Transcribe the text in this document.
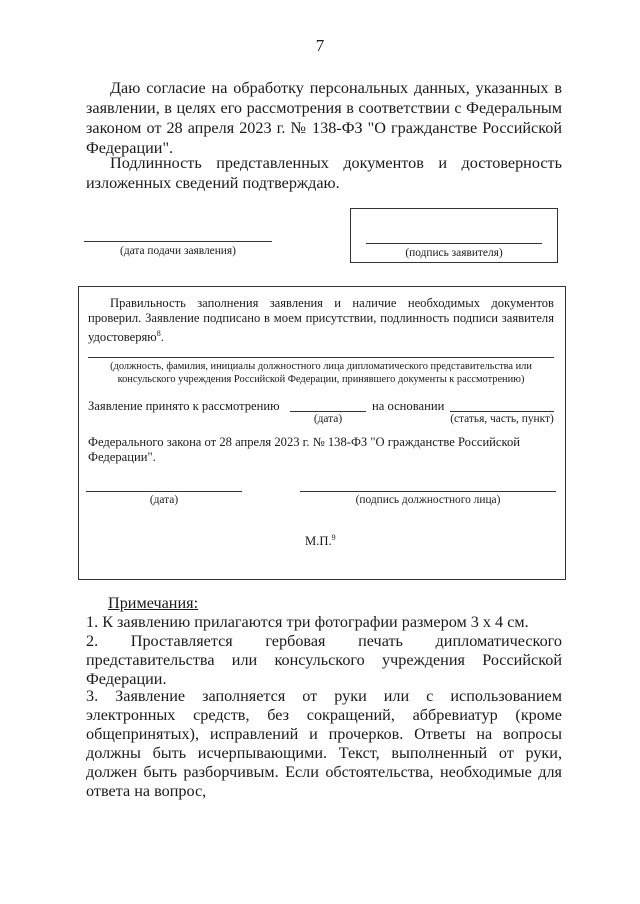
7

Даю согласие на обработку персональных данных, указанных в заявлении, в целях его рассмотрения в соответствии с Федеральным законом от 28 апреля 2023 г. № 138-ФЗ "О гражданстве Российской Федерации".

Подлинность представленных документов и достоверность изложенных сведений подтверждаю.

(дата подачи заявления)	(подпись заявителя)

Правильность заполнения заявления и наличие необходимых документов проверил. Заявление подписано в моем присутствии, подлинность подписи заявителя удостоверяю$^8$.

(должность, фамилия, инициалы должностного лица дипломатического представительства или консульского учреждения Российской Федерации, принявшего документы к рассмотрению)
Заявление принято к рассмотрению
(дата)
на основании
(статья, часть, пункт)

Федерального закона от 28 апреля 2023 г. № 138-ФЗ "О гражданстве Российской Федерации".

(дата)	(подпись должностного лица)
М.П.$^9$
Примечания:

1. К заявлению прилагаются три фотографии размером 3 х 4 см.

2. Проставляется гербовая печать дипломатического представительства или консульского учреждения Российской Федерации.

3. Заявление заполняется от руки или с использованием электронных средств, без сокращений, аббревиатур (кроме общепринятых), исправлений и прочерков. Ответы на вопросы должны быть исчерпывающими. Текст, выполненный от руки, должен быть разборчивым. Если обстоятельства, необходимые для ответа на вопрос,
